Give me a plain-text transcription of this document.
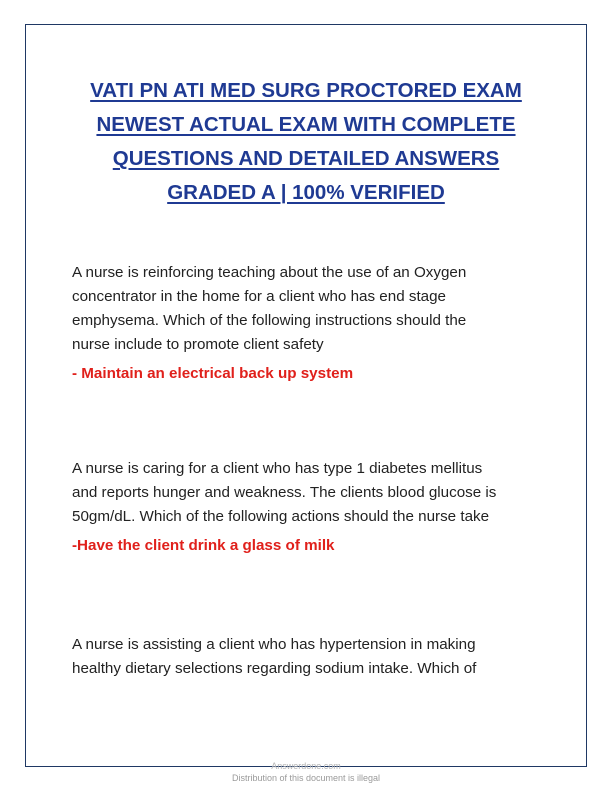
VATI PN ATI MED SURG PROCTORED EXAM
NEWEST ACTUAL EXAM WITH COMPLETE
QUESTIONS AND DETAILED ANSWERS
GRADED A | 100% VERIFIED
A nurse is reinforcing teaching about the use of an Oxygen
concentrator in the home for a client who has end stage
emphysema. Which of the following instructions should the
nurse include to promote client safety
- Maintain an electrical back up system
A nurse is caring for a client who has type 1 diabetes mellitus
and reports hunger and weakness. The clients blood glucose is
50gm/dL. Which of the following actions should the nurse take
-Have the client drink a glass of milk
A nurse is assisting a client who has hypertension in making
healthy dietary selections regarding sodium intake. Which of
Answerdone.com
Distribution of this document is illegal
